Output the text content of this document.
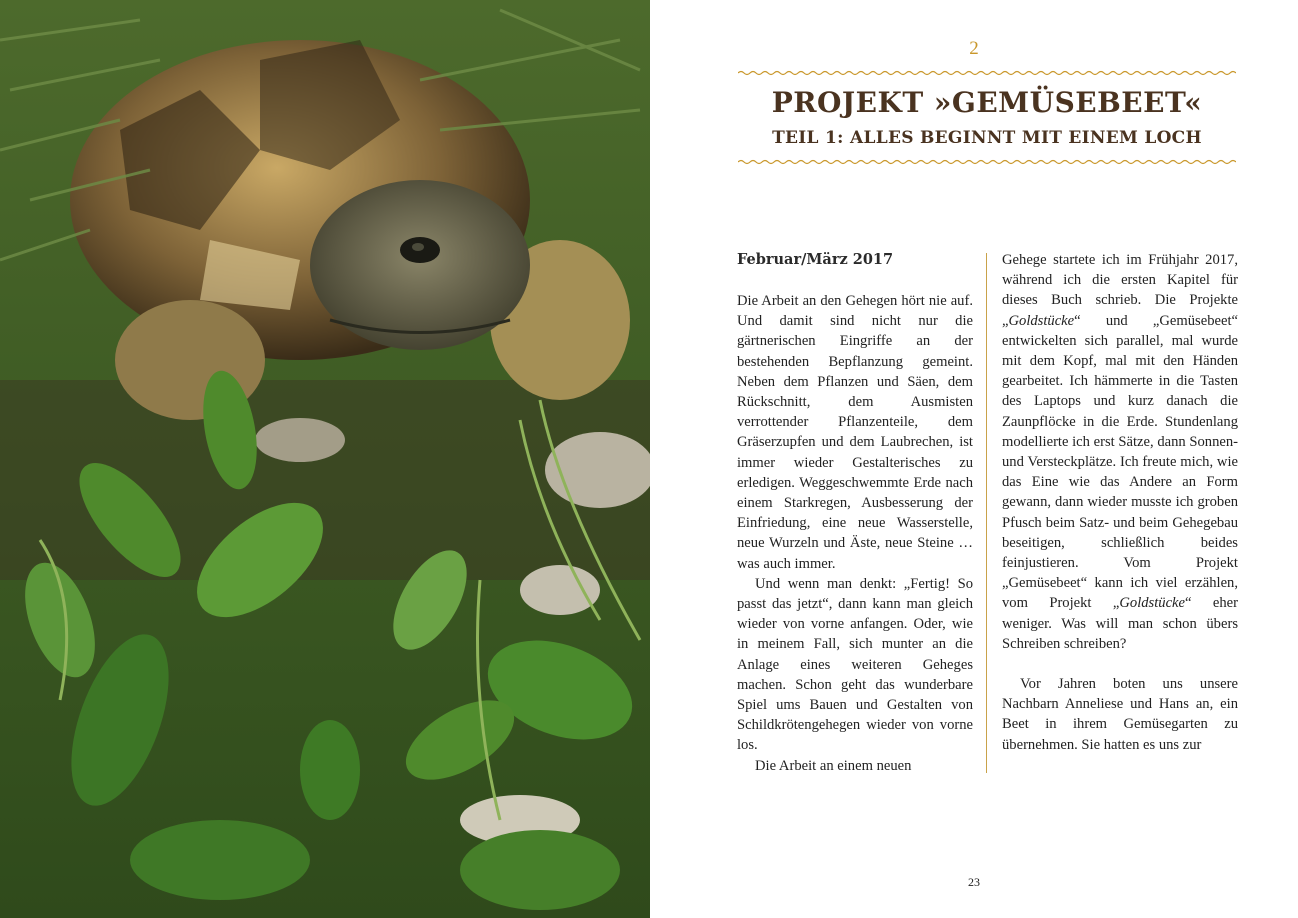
2
PROJEKT »GEMÜSEBEET«
TEIL 1: ALLES BEGINNT MIT EINEM LOCH
Februar/März 2017

Die Arbeit an den Gehegen hört nie auf. Und damit sind nicht nur die gärtnerischen Eingriffe an der bestehenden Bepflanzung gemeint. Neben dem Pflanzen und Säen, dem Rückschnitt, dem Ausmisten verrottender Pflanzenteile, dem Gräserzupfen und dem Laubrechen, ist immer wieder Gestalterisches zu erledigen. Weggeschwemmte Erde nach einem Starkregen, Ausbesserung der Einfriedung, eine neue Wasserstelle, neue Wurzeln und Äste, neue Steine … was auch immer.

Und wenn man denkt: „Fertig! So passt das jetzt“, dann kann man gleich wieder von vorne anfangen. Oder, wie in meinem Fall, sich munter an die Anlage eines weiteren Geheges machen. Schon geht das wunderbare Spiel ums Bauen und Gestalten von Schildkrötengehegen wieder von vorne los.

Die Arbeit an einem neuen

Gehege startete ich im Frühjahr 2017, während ich die ersten Kapitel für dieses Buch schrieb. Die Projekte „Goldstücke“ und „Gemüsebeet“ entwickelten sich parallel, mal wurde mit dem Kopf, mal mit den Händen gearbeitet. Ich hämmerte in die Tasten des Laptops und kurz danach die Zaunpflöcke in die Erde. Stundenlang modellierte ich erst Sätze, dann Sonnen- und Versteckplätze. Ich freute mich, wie das Eine wie das Andere an Form gewann, dann wieder musste ich groben Pfusch beim Satz- und beim Gehegebau beseitigen, schließlich beides feinjustieren. Vom Projekt „Gemüsebeet“ kann ich viel erzählen, vom Projekt „Goldstücke“ eher weniger. Was will man schon übers Schreiben schreiben?

Vor Jahren boten uns unsere Nachbarn Anneliese und Hans an, ein Beet in ihrem Gemüsegarten zu übernehmen. Sie hatten es uns zur

23
